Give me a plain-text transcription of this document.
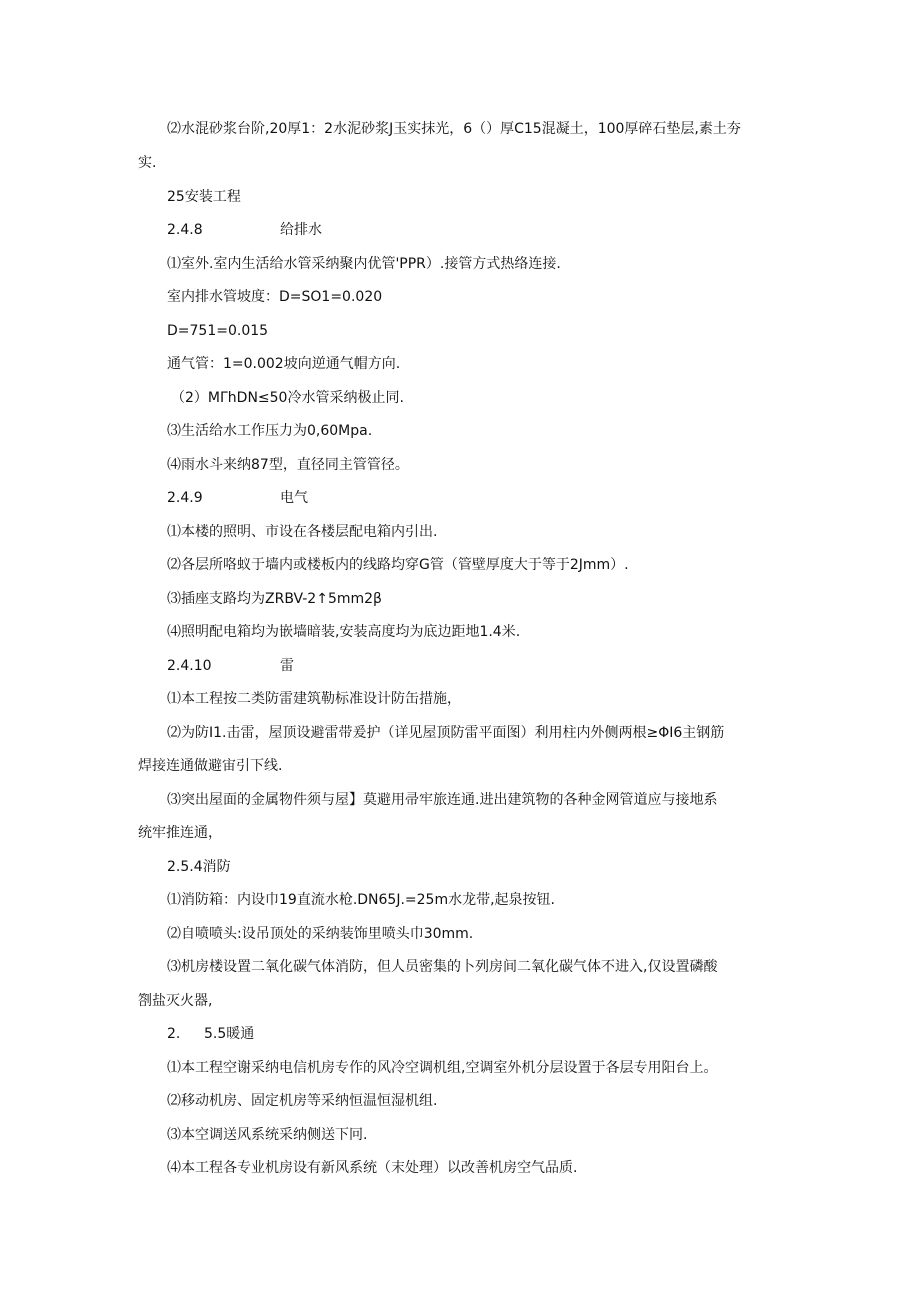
⑵水混砂浆台阶,20厚1：2水泥砂浆J玉实抹光，6（）厚C15混凝土，100厚碎石垫层,素土夯
实.
25安装工程
2.4.8	给排水
⑴室外.室内生活给水管采纳聚内优管'PPR）.接管方式热络连接.
室内排水管坡度：D=SO1=0.020
D=751=0.015
通气管：1=0.002坡向逆通气帽方向.
（2）MΓhDN≤50冷水管采纳极止同.
⑶生活给水工作压力为0,60Mpa.
⑷雨水斗来纳87型，直径同主管管径。
2.4.9	电气
⑴本楼的照明、市设在各楼层配电箱内引出.
⑵各层所咯蚁于墙内或楼板内的线路均穿G管（管壁厚度大于等于2Jmm）.
⑶插座支路均为ZRBV-2↑5mm2β
⑷照明配电箱均为嵌墙暗装,安装高度均为底边距地1.4米.
2.4.10	雷
⑴本工程按二类防雷建筑勒标准设计防缶措施，
⑵为防I1.击雷，屋顶设避雷带爰护（详见屋顶防雷平面图）利用柱内外侧两根≥ΦI6主钢筋
焊接连通做避宙引下线.
⑶突出屋面的金属物件须与屋】莫避用帚牢旅连通.进出建筑物的各种金网管道应与接地系
统牢推连通，
2.5.4消防
⑴消防箱：内设巾19直流水枪.DN65J.=25m水龙带,起泉按钮.
⑵自喷喷头:设吊顶处的采纳装饰里喷头巾30mm.
⑶机房楼设置二氧化碳气体消防，但人员密集的卜列房间二氧化碳气体不进入,仅设置磷酸
劄盐灭火器,
2. 5.5暖通
⑴本工程空谢采纳电信机房专作的风冷空调机组,空调室外机分层设置于各层专用阳台上。
⑵移动机房、固定机房等采纳恒温恒湿机组.
⑶本空调送风系统采纳侧送下冋.
⑷本工程各专业机房设有新风系统（末处理）以改善机房空气品质.
